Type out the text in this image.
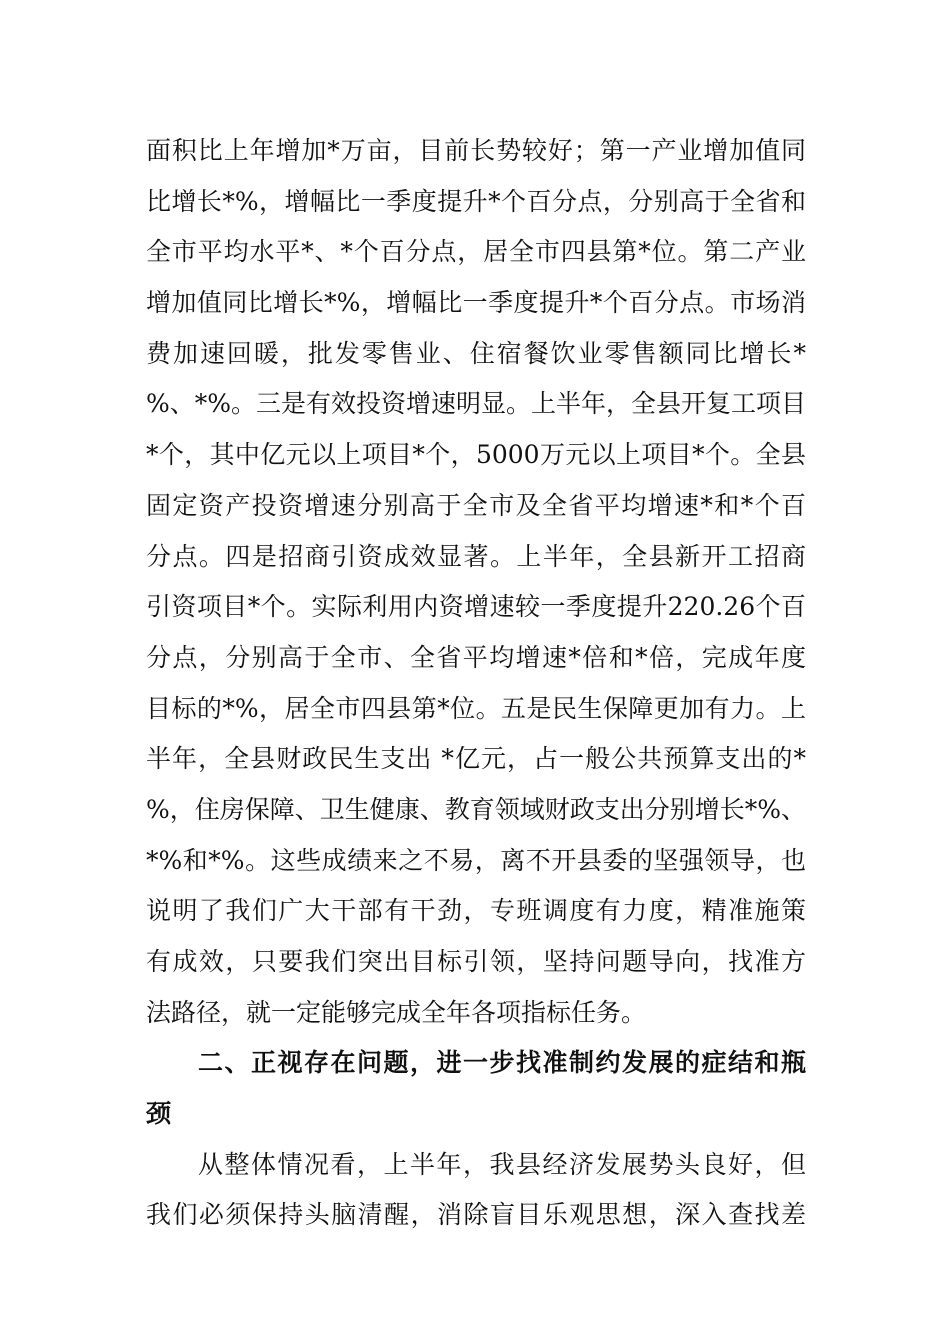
面积比上年增加*万亩，目前长势较好；第一产业增加值同
比增长*%，增幅比一季度提升*个百分点，分别高于全省和
全市平均水平*、*个百分点，居全市四县第*位。第二产业
增加值同比增长*%，增幅比一季度提升*个百分点。市场消
费加速回暖，批发零售业、住宿餐饮业零售额同比增长*
%、*%。三是有效投资增速明显。上半年，全县开复工项目
*个，其中亿元以上项目*个，5000万元以上项目*个。全县
固定资产投资增速分别高于全市及全省平均增速*和*个百
分点。四是招商引资成效显著。上半年，全县新开工招商
引资项目*个。实际利用内资增速较一季度提升220.26个百
分点，分别高于全市、全省平均增速*倍和*倍，完成年度
目标的*%，居全市四县第*位。五是民生保障更加有力。上
半年，全县财政民生支出 *亿元，占一般公共预算支出的*
%，住房保障、卫生健康、教育领域财政支出分别增长*%、
*%和*%。这些成绩来之不易，离不开县委的坚强领导，也
说明了我们广大干部有干劲，专班调度有力度，精准施策
有成效，只要我们突出目标引领，坚持问题导向，找准方
法路径，就一定能够完成全年各项指标任务。
二、正视存在问题，进一步找准制约发展的症结和瓶
颈
从整体情况看，上半年，我县经济发展势头良好，但
我们必须保持头脑清醒，消除盲目乐观思想，深入查找差
